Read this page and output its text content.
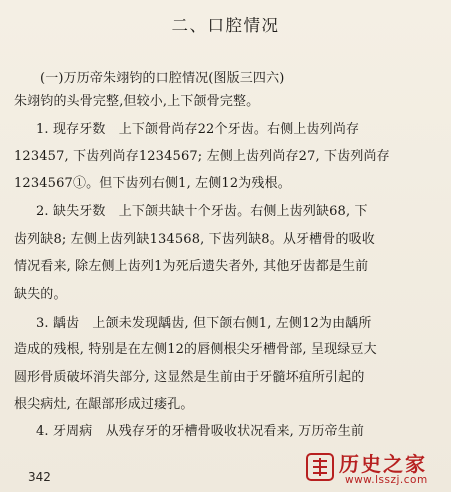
二、口腔情况
(一)万历帝朱翊钧的口腔情况(图版三四六)
朱翊钧的头骨完整,但较小,上下颌骨完整。
1. 现存牙数　上下颌骨尚存22个牙齿。右侧上齿列尚存
123457, 下齿列尚存1234567; 左侧上齿列尚存27, 下齿列尚存
1234567①。但下齿列右侧1, 左侧12为残根。
2. 缺失牙数　上下颌共缺十个牙齿。右侧上齿列缺68, 下
齿列缺8; 左侧上齿列缺134568, 下齿列缺8。从牙槽骨的吸收
情况看来, 除左侧上齿列1为死后遗失者外, 其他牙齿都是生前
缺失的。
3. 龋齿　上颌未发现龋齿, 但下颌右侧1, 左侧12为由龋所
造成的残根, 特别是在左侧12的唇侧根尖牙槽骨部, 呈现绿豆大
圆形骨质破坏消失部分, 这显然是生前由于牙髓坏疽所引起的
根尖病灶, 在龈部形成过瘘孔。
4. 牙周病　从残存牙的牙槽骨吸收状况看来, 万历帝生前
342
历史之家
www.lsszj.com
